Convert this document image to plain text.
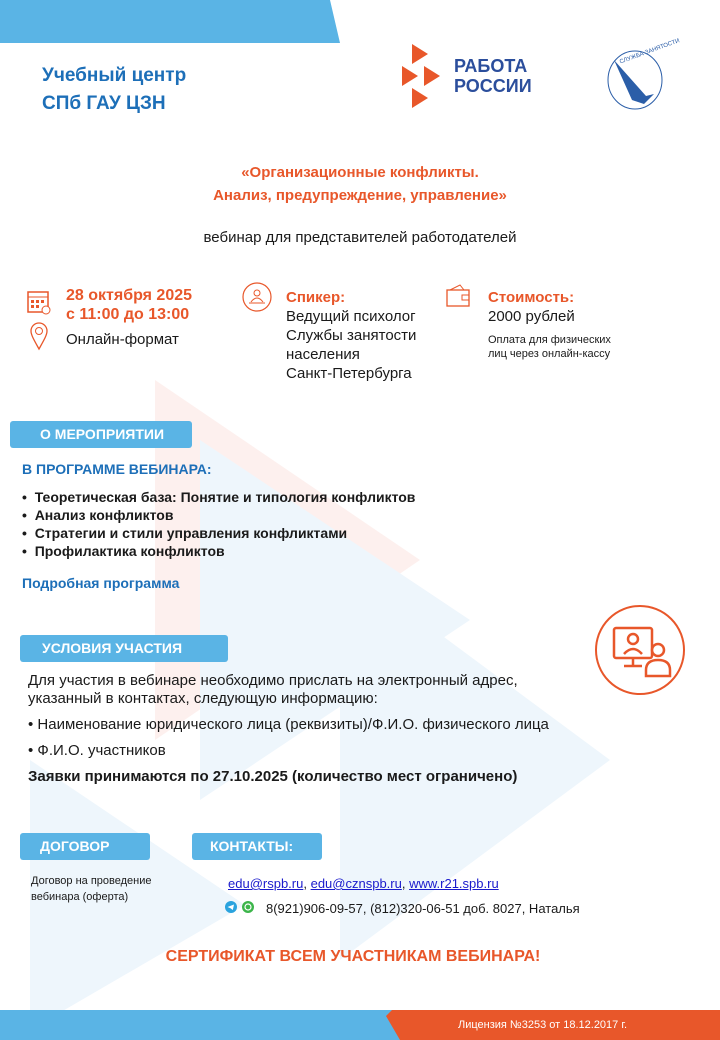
Учебный центр
СПб ГАУ ЦЗН
РАБОТА
РОССИИ
СЛУЖБА ЗАНЯТОСТИ
«Организационные конфликты.
Анализ, предупреждение, управление»
вебинар для представителей работодателей
28 октября 2025
с 11:00 до 13:00
Онлайн-формат
Спикер:
Ведущий психолог
Службы занятости
населения
Санкт-Петербурга
Стоимость:
2000 рублей
Оплата для физических
лиц через онлайн-кассу
О МЕРОПРИЯТИИ
В ПРОГРАММЕ ВЕБИНАРА:
•  Теоретическая база: Понятие и типология конфликтов
•  Анализ конфликтов
•  Стратегии и стили управления конфликтами
•  Профилактика конфликтов
Подробная программа
УСЛОВИЯ УЧАСТИЯ
Для участия в вебинаре необходимо прислать на электронный адрес,
указанный в контактах, следующую информацию:
• Наименование юридического лица (реквизиты)/Ф.И.О. физического лица
• Ф.И.О. участников
Заявки принимаются по 27.10.2025 (количество мест ограничено)
ДОГОВОР	КОНТАКТЫ:
Договор на проведение
вебинара (оферта)
edu@rspb.ru, edu@cznspb.ru, www.r21.spb.ru
8(921)906-09-57, (812)320-06-51 доб. 8027, Наталья
СЕРТИФИКАТ ВСЕМ УЧАСТНИКАМ ВЕБИНАРА!
Лицензия №3253 от 18.12.2017 г.
